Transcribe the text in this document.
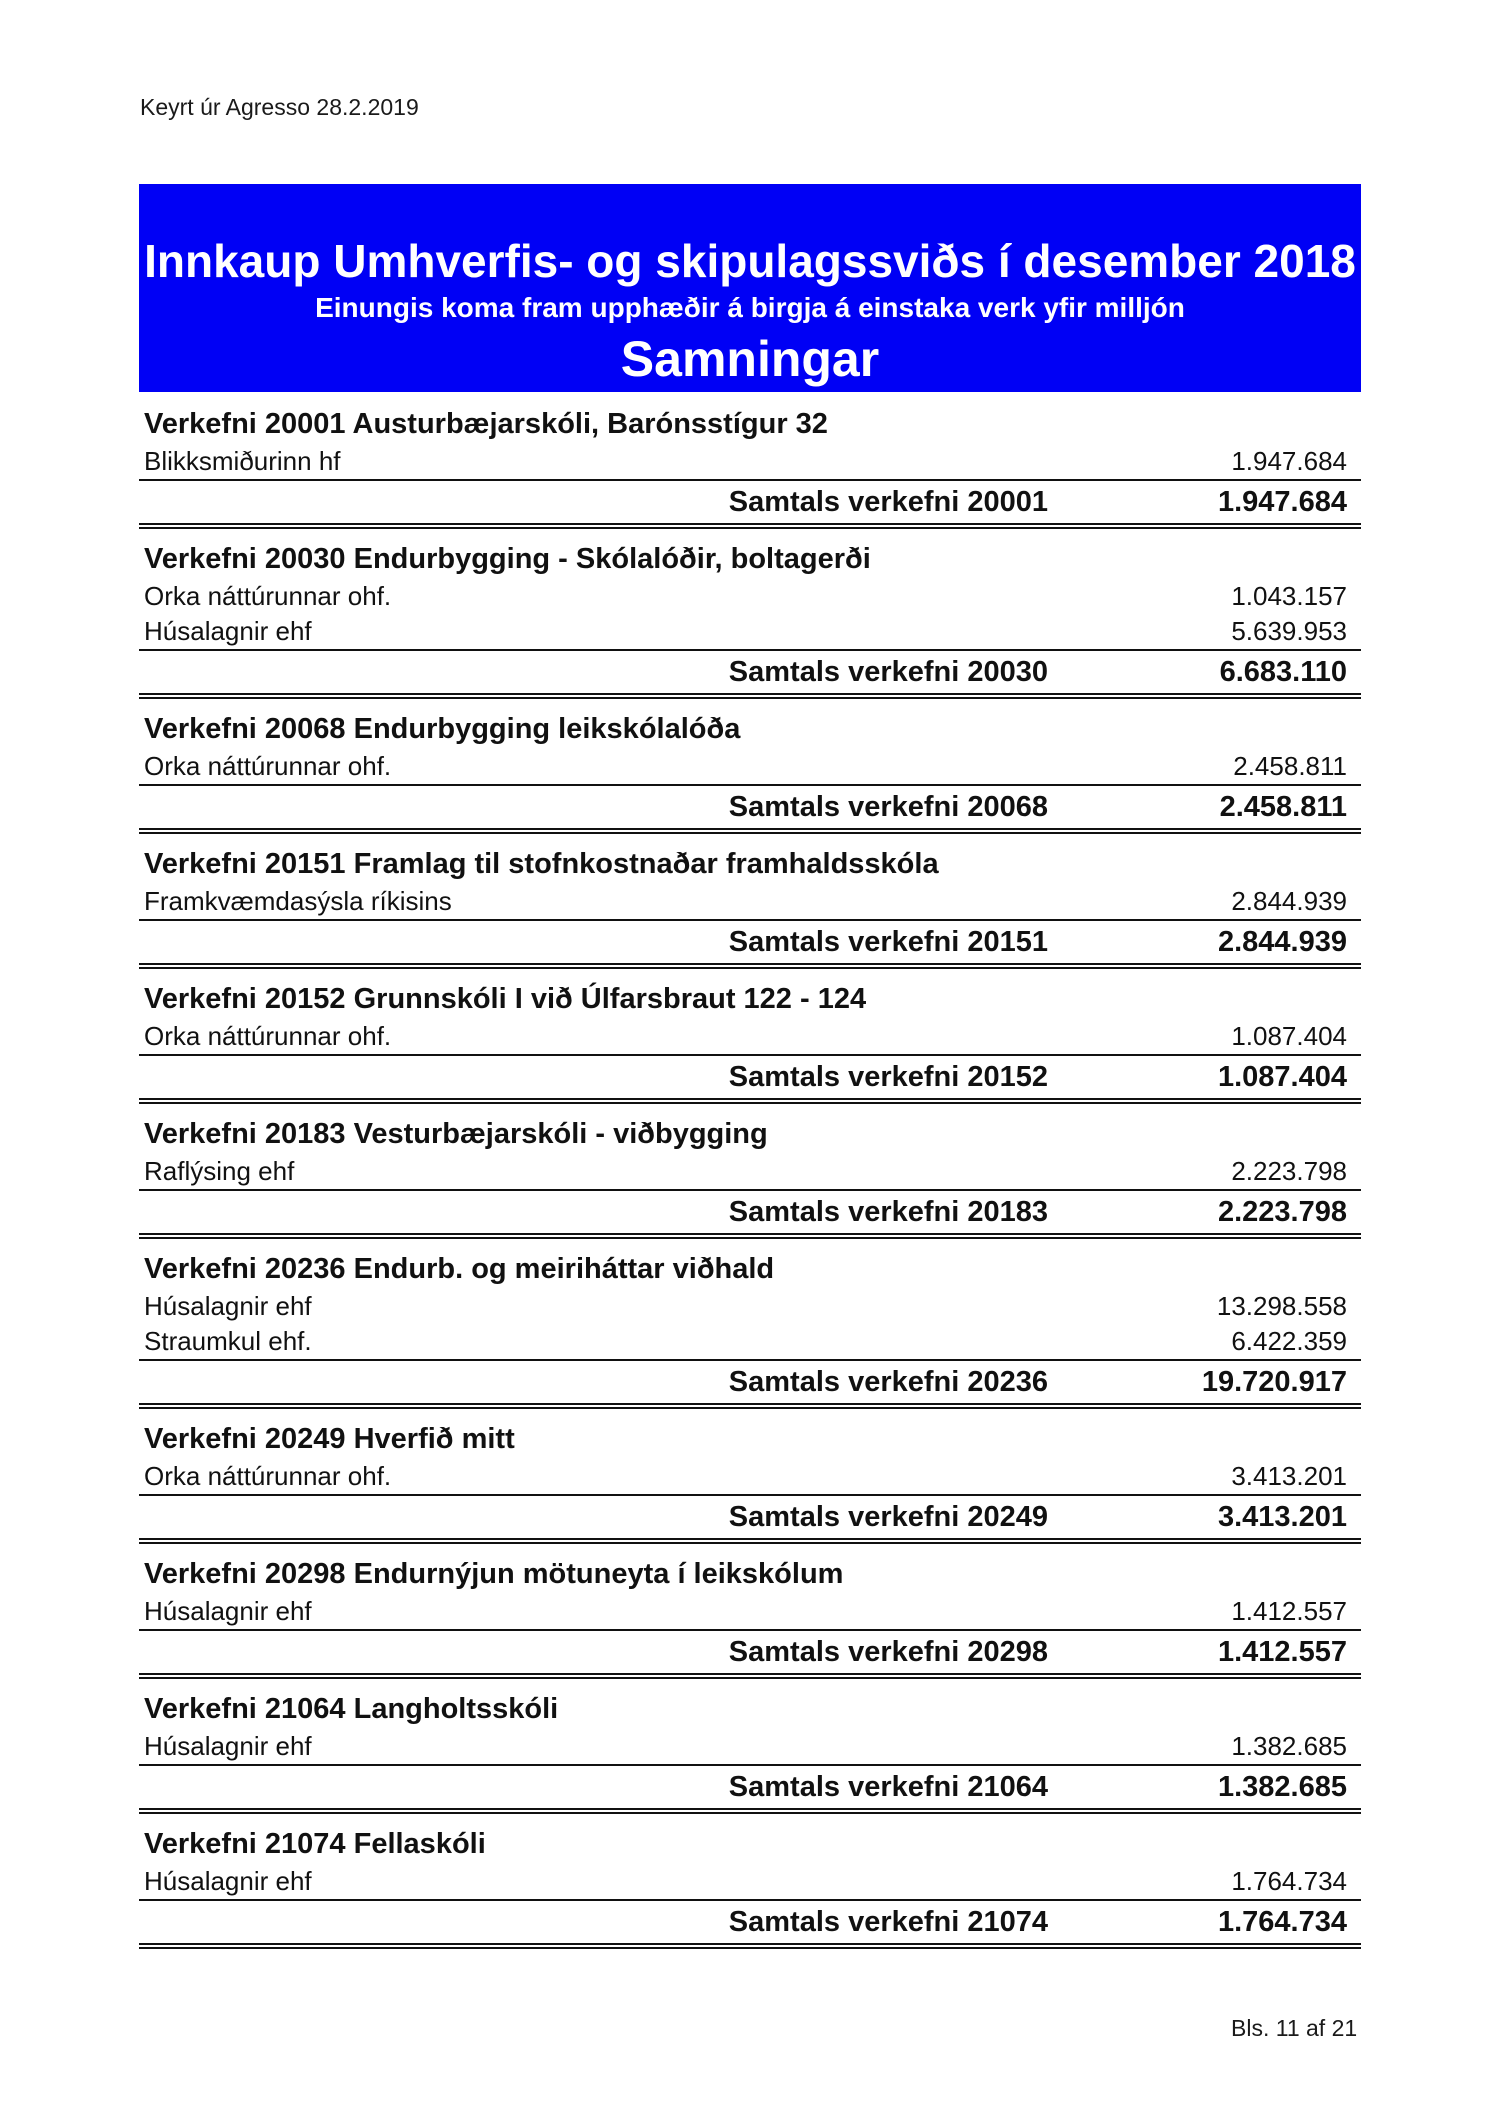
Keyrt úr Agresso 28.2.2019
Innkaup Umhverfis- og skipulagssviðs í desember 2018
Einungis koma fram upphæðir á birgja á einstaka verk yfir milljón
Samningar
Verkefni 20001 Austurbæjarskóli, Barónsstígur 32
Blikksmiðurinn hf	1.947.684
Samtals verkefni 20001	1.947.684
Verkefni 20030 Endurbygging - Skólalóðir, boltagerði
Orka náttúrunnar ohf.	1.043.157
Húsalagnir ehf	5.639.953
Samtals verkefni 20030	6.683.110
Verkefni 20068 Endurbygging leikskólalóða
Orka náttúrunnar ohf.	2.458.811
Samtals verkefni 20068	2.458.811
Verkefni 20151 Framlag til stofnkostnaðar framhaldsskóla
Framkvæmdasýsla ríkisins	2.844.939
Samtals verkefni 20151	2.844.939
Verkefni 20152 Grunnskóli I við Úlfarsbraut 122 - 124
Orka náttúrunnar ohf.	1.087.404
Samtals verkefni 20152	1.087.404
Verkefni 20183 Vesturbæjarskóli - viðbygging
Raflýsing ehf	2.223.798
Samtals verkefni 20183	2.223.798
Verkefni 20236 Endurb. og meiriháttar viðhald
Húsalagnir ehf	13.298.558
Straumkul ehf.	6.422.359
Samtals verkefni 20236	19.720.917
Verkefni 20249 Hverfið mitt
Orka náttúrunnar ohf.	3.413.201
Samtals verkefni 20249	3.413.201
Verkefni 20298 Endurnýjun mötuneyta í leikskólum
Húsalagnir ehf	1.412.557
Samtals verkefni 20298	1.412.557
Verkefni 21064 Langholtsskóli
Húsalagnir ehf	1.382.685
Samtals verkefni 21064	1.382.685
Verkefni 21074 Fellaskóli
Húsalagnir ehf	1.764.734
Samtals verkefni 21074	1.764.734
Bls. 11 af 21
